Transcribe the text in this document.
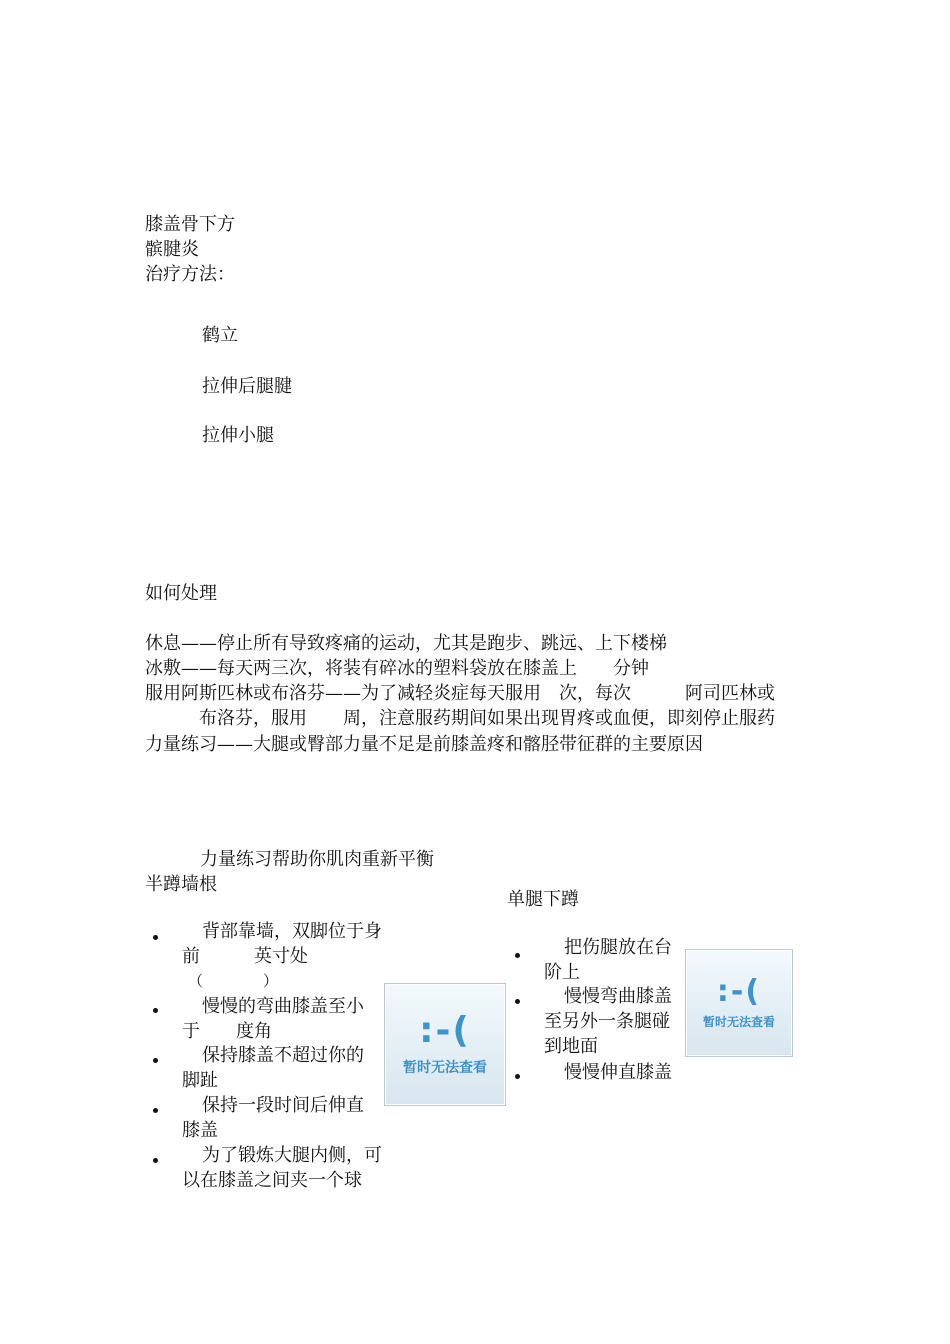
膝盖骨下方
髌腱炎
治疗方法：
鹤立
拉伸后腿腱
拉伸小腿
如何处理
休息——停止所有导致疼痛的运动，尤其是跑步、跳远、上下楼梯
冰敷——每天两三次，将装有碎冰的塑料袋放在膝盖上　　分钟
服用阿斯匹林或布洛芬——为了减轻炎症每天服用　次，每次　　　阿司匹林或
　　　布洛芬，服用　　周，注意服药期间如果出现胃疼或血便，即刻停止服药
力量练习——大腿或臀部力量不足是前膝盖疼和髂胫带征群的主要原因
力量练习帮助你肌肉重新平衡
半蹲墙根
单腿下蹲
背部靠墙，双脚位于身
前　　　英寸处
（　　　　）
慢慢的弯曲膝盖至小
于　　度角
保持膝盖不超过你的
脚趾
保持一段时间后伸直
膝盖
为了锻炼大腿内侧，可
以在膝盖之间夹一个球
:-(
暂时无法查看
把伤腿放在台
阶上
慢慢弯曲膝盖
至另外一条腿碰
到地面
慢慢伸直膝盖
:-(
暂时无法查看
